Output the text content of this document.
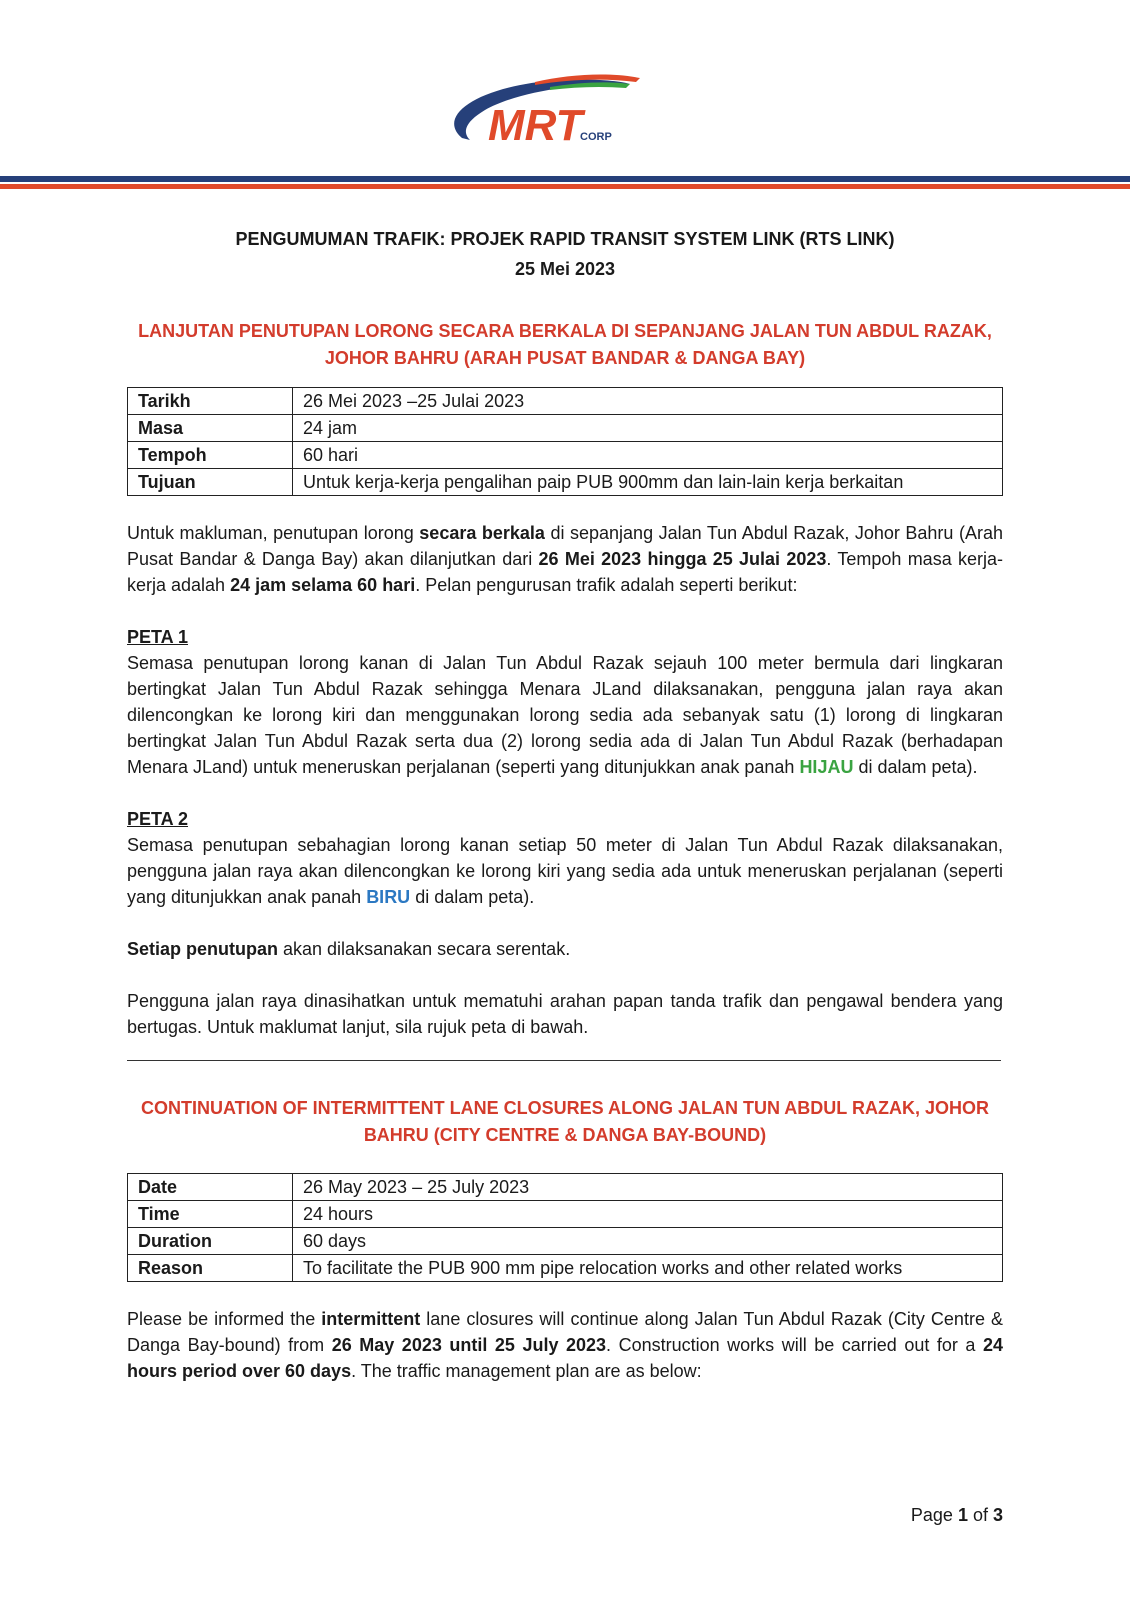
MRT
CORP

PENGUMUMAN TRAFIK: PROJEK RAPID TRANSIT SYSTEM LINK (RTS LINK)

25 Mei 2023

LANJUTAN PENUTUPAN LORONG SECARA BERKALA DI SEPANJANG JALAN TUN ABDUL RAZAK,
JOHOR BAHRU (ARAH PUSAT BANDAR & DANGA BAY)

Tarikh	26 Mei 2023 –25 Julai 2023
Masa	24 jam
Tempoh	60 hari
Tujuan	Untuk kerja-kerja pengalihan paip PUB 900mm dan lain-lain kerja berkaitan

Untuk makluman, penutupan lorong secara berkala di sepanjang Jalan Tun Abdul Razak, Johor Bahru (Arah Pusat Bandar & Danga Bay) akan dilanjutkan dari 26 Mei 2023 hingga 25 Julai 2023. Tempoh masa kerja-kerja adalah 24 jam selama 60 hari. Pelan pengurusan trafik adalah seperti berikut:

PETA 1

Semasa penutupan lorong kanan di Jalan Tun Abdul Razak sejauh 100 meter bermula dari lingkaran bertingkat Jalan Tun Abdul Razak sehingga Menara JLand dilaksanakan, pengguna jalan raya akan dilencongkan ke lorong kiri dan menggunakan lorong sedia ada sebanyak satu (1) lorong di lingkaran bertingkat Jalan Tun Abdul Razak serta dua (2) lorong sedia ada di Jalan Tun Abdul Razak (berhadapan Menara JLand) untuk meneruskan perjalanan (seperti yang ditunjukkan anak panah HIJAU di dalam peta).

PETA 2

Semasa penutupan sebahagian lorong kanan setiap 50 meter di Jalan Tun Abdul Razak dilaksanakan, pengguna jalan raya akan dilencongkan ke lorong kiri yang sedia ada untuk meneruskan perjalanan (seperti yang ditunjukkan anak panah BIRU di dalam peta).

Setiap penutupan akan dilaksanakan secara serentak.

Pengguna jalan raya dinasihatkan untuk mematuhi arahan papan tanda trafik dan pengawal bendera yang bertugas. Untuk maklumat lanjut, sila rujuk peta di bawah.

CONTINUATION OF INTERMITTENT LANE CLOSURES ALONG JALAN TUN ABDUL RAZAK, JOHOR
BAHRU (CITY CENTRE & DANGA BAY-BOUND)

Date	26 May 2023 – 25 July 2023
Time	24 hours
Duration	60 days
Reason	To facilitate the PUB 900 mm pipe relocation works and other related works

Please be informed the intermittent lane closures will continue along Jalan Tun Abdul Razak (City Centre & Danga Bay-bound) from 26 May 2023 until 25 July 2023. Construction works will be carried out for a 24 hours period over 60 days. The traffic management plan are as below:

Page 1 of 3
